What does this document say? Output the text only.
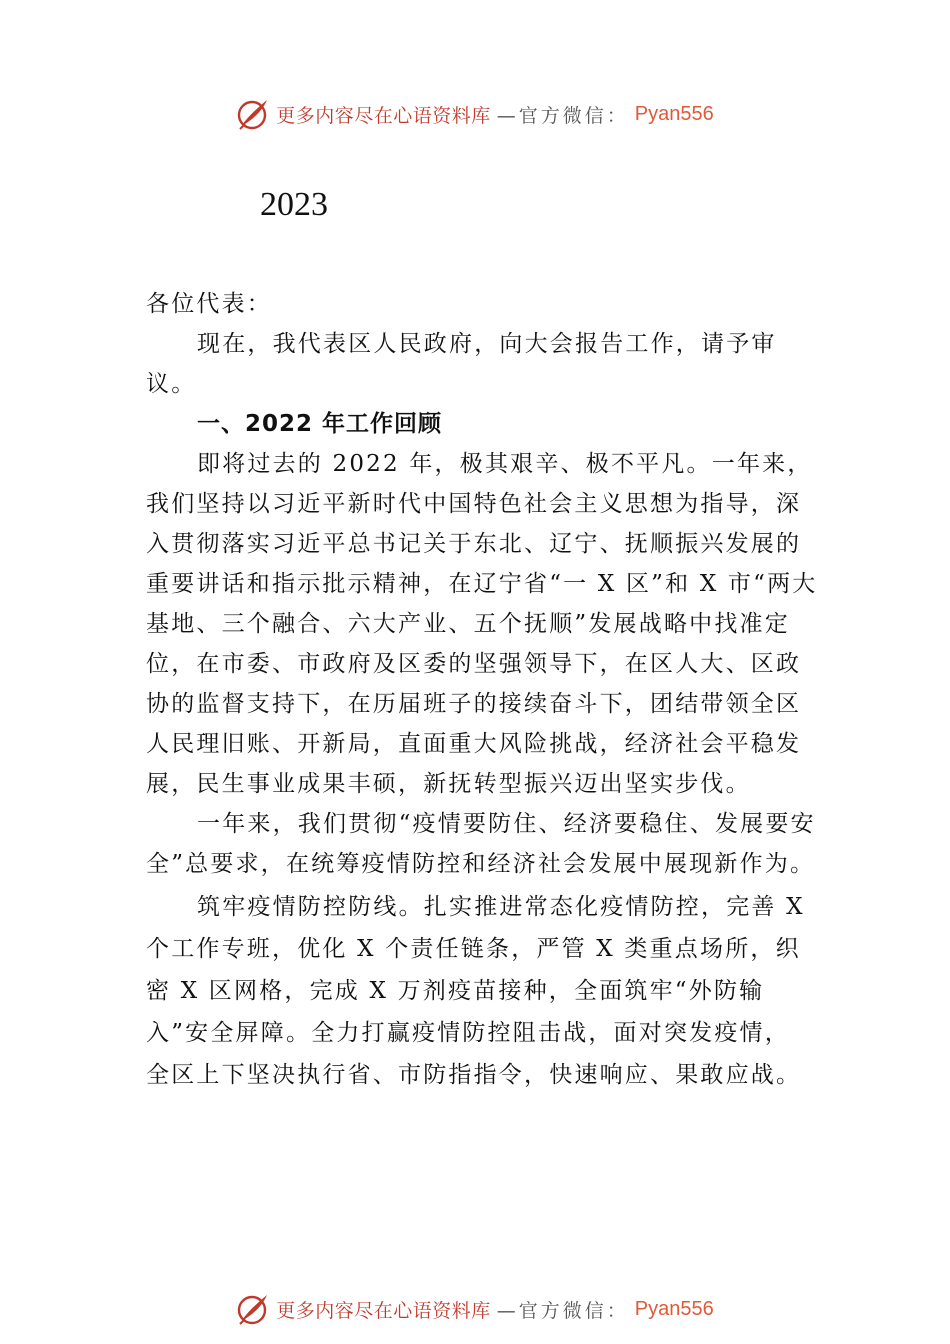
更多内容尽在心语资料库 —官方微信： Pyan556
2023

各位代表：

现在，我代表区人民政府，向大会报告工作，请予审议。

一、2022 年工作回顾

即将过去的 2022 年，极其艰辛、极不平凡。一年来，我们坚持以习近平新时代中国特色社会主义思想为指导，深入贯彻落实习近平总书记关于东北、辽宁、抚顺振兴发展的重要讲话和指示批示精神，在辽宁省“一 X 区”和 X 市“两大基地、三个融合、六大产业、五个抚顺”发展战略中找准定位，在市委、市政府及区委的坚强领导下，在区人大、区政协的监督支持下，在历届班子的接续奋斗下，团结带领全区人民理旧账、开新局，直面重大风险挑战，经济社会平稳发展，民生事业成果丰硕，新抚转型振兴迈出坚实步伐。

一年来，我们贯彻“疫情要防住、经济要稳住、发展要安全”总要求，在统筹疫情防控和经济社会发展中展现新作为。

筑牢疫情防控防线。扎实推进常态化疫情防控，完善 X 个工作专班，优化 X 个责任链条，严管 X 类重点场所，织密 X 区网格，完成 X 万剂疫苗接种，全面筑牢“外防输入”安全屏障。全力打赢疫情防控阻击战，面对突发疫情， 全区上下坚决执行省、市防指指令，快速响应、果敢应战。

更多内容尽在心语资料库 —官方微信： Pyan556
